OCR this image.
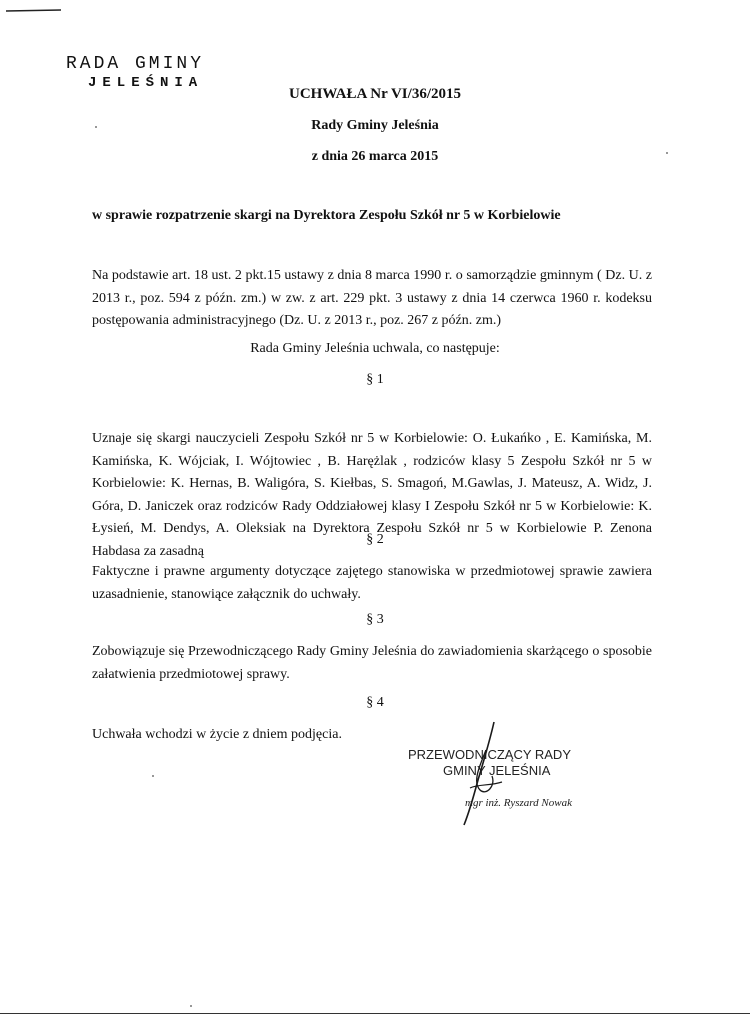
RADA GMINY
JELEŚNIA
UCHWAŁA Nr VI/36/2015
Rady Gminy Jeleśnia
z dnia 26 marca 2015
w sprawie rozpatrzenie skargi na Dyrektora Zespołu Szkół nr 5 w Korbielowie
Na podstawie art. 18 ust. 2 pkt.15 ustawy z dnia 8 marca 1990 r. o samorządzie gminnym ( Dz. U. z 2013 r., poz. 594 z późn. zm.) w zw. z art. 229 pkt. 3 ustawy z dnia 14 czerwca 1960 r. kodeksu postępowania administracyjnego (Dz. U. z 2013 r., poz. 267 z późn. zm.)
Rada Gminy Jeleśnia uchwala, co następuje:
§ 1
Uznaje się skargi nauczycieli Zespołu Szkół nr 5 w Korbielowie: O. Łukańko , E. Kamińska, M. Kamińska, K. Wójciak, I. Wójtowiec , B. Harężlak , rodziców klasy 5 Zespołu Szkół nr 5 w Korbielowie: K. Hernas, B. Waligóra, S. Kiełbas, S. Smagoń, M.Gawlas, J. Mateusz, A. Widz, J. Góra, D. Janiczek oraz rodziców Rady Oddziałowej klasy I Zespołu Szkół nr 5 w Korbielowie: K. Łysień, M. Dendys, A. Oleksiak na Dyrektora Zespołu Szkół nr 5 w Korbielowie P. Zenona Habdasa za zasadną
§ 2
Faktyczne i prawne argumenty dotyczące zajętego stanowiska w przedmiotowej sprawie zawiera uzasadnienie, stanowiące załącznik do uchwały.
§ 3
Zobowiązuje się Przewodniczącego Rady Gminy Jeleśnia do zawiadomienia skarżącego o sposobie załatwienia przedmiotowej sprawy.
§ 4
Uchwała wchodzi w życie z dniem podjęcia.
PRZEWODNICZĄCY RADY
GMINY JELEŚNIA
mgr inż. Ryszard Nowak
